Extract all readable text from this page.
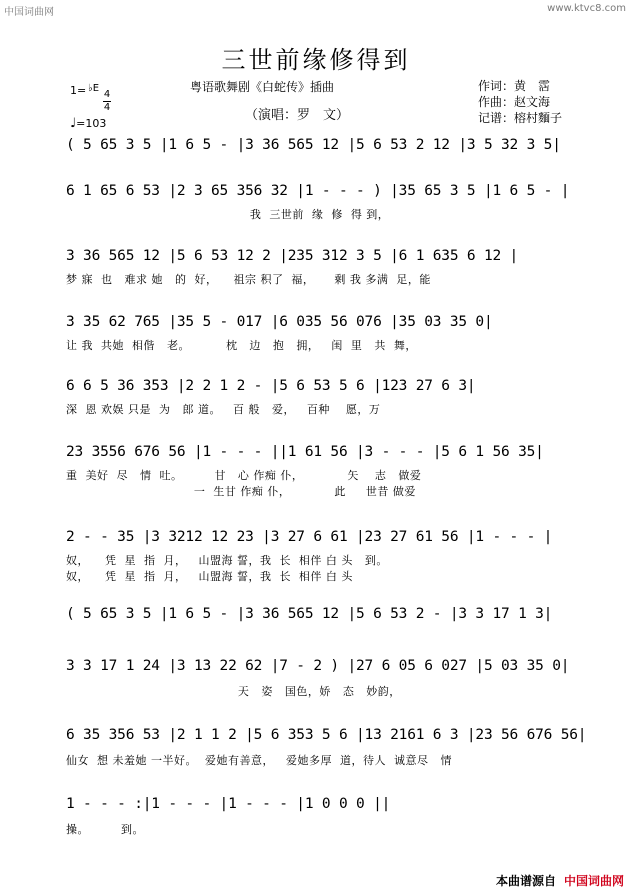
中国词曲网	www.ktvc8.com
三世前缘修得到
粤语歌舞剧《白蛇传》插曲
（演唱：罗　文）
作词：黄　霑
作曲：赵文海
记谱：榕村麵子
1= ♭E
4
4
♩=103
( 5 65 3 5 |1 6 5 - |3 36 565 12 |5 6 53 2 12 |3 5 32 3 5|
6 1 65 6 53 |2 3 65 356 32 |1 - - - ) |35 65 3 5 |1 6 5 - |
我  三世前  缘  修  得 到，
3 36 565 12 |5 6 53 12 2 |235 312 3 5 |6 1 635 6 12 |
梦 寐  也   难求 她   的  好，    祖宗 积了  福，     剩 我 多满  足，能
3 35 62 765 |35 5 - 017 |6 035 56 076 |35 03 35 0|
让 我  共她  相偕   老。         枕   边   抱   拥，   闺  里   共  舞，
6 6 5 36 353 |2 2 1 2 - |5 6 53 5 6 |123 27 6 3|
深  恩 欢娱 只是  为   郎 道。   百 般   爱，   百种    愿，万
23 3556 676 56 |1 - - - ||1 61 56 |3 - - - |5 6 1 56 35|
重  美好  尽   情  吐。        甘   心 作痴 仆，           矢    志   做爱
一  生甘 作痴 仆，           此     世昔 做爱
2 - - 35 |3 3212 12 23 |3 27 6 61 |23 27 61 56 |1 - - - |
奴，    凭  星  指  月，   山盟海 誓，我  长  相伴 白 头   到。
奴，    凭  星  指  月，   山盟海 誓，我  长  相伴 白 头
( 5 65 3 5 |1 6 5 - |3 36 565 12 |5 6 53 2 - |3 3 17 1 3|
3 3 17 1 24 |3 13 22 62 |7 - 2 ) |27 6 05 6 027 |5 03 35 0|
天   姿   国色，娇   态   妙韵，
6 35 356 53 |2 1 1 2 |5 6 353 5 6 |13 2161 6 3 |23 56 676 56|
仙女  想 未羞她 一半好。  爱她有善意，   爱她多厚  道，待人  诚意尽   情
1 - - - :|1 - - - |1 - - - |1 0 0 0 ||
操。        到。
本曲谱源自 中国词曲网
